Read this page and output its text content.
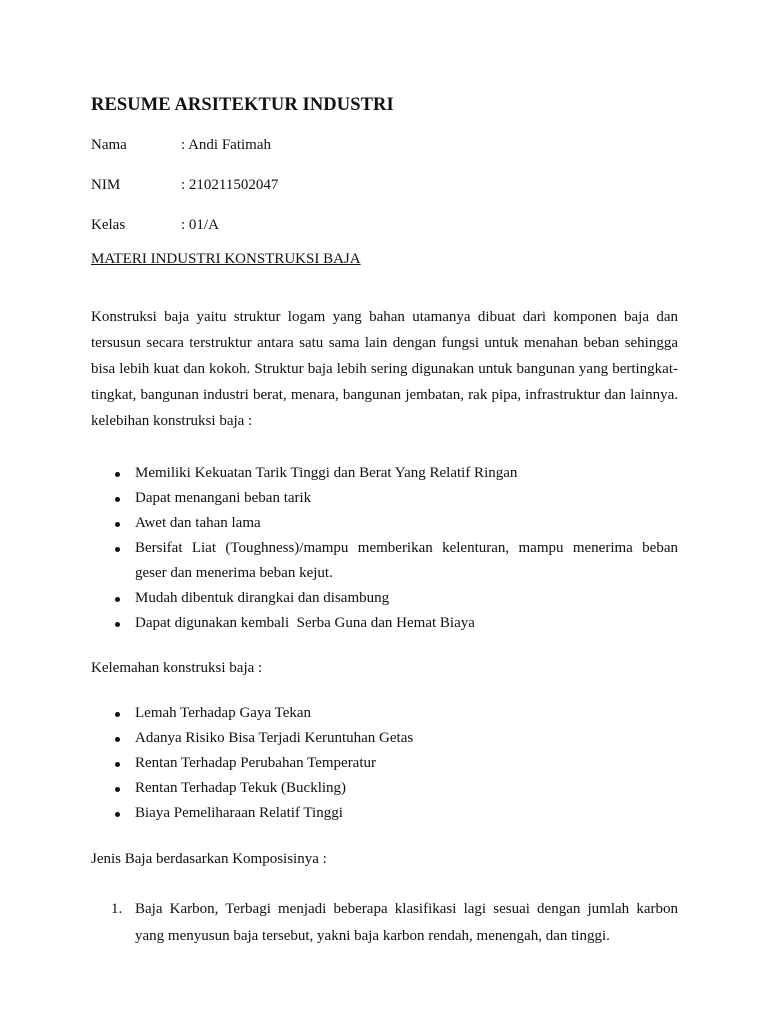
RESUME ARSITEKTUR INDUSTRI
Nama	: Andi Fatimah
NIM	: 210211502047
Kelas	: 01/A
MATERI INDUSTRI KONSTRUKSI BAJA
Konstruksi baja yaitu struktur logam yang bahan utamanya dibuat dari komponen baja dan
tersusun secara terstruktur antara satu sama lain dengan fungsi untuk menahan beban sehingga
bisa lebih kuat dan kokoh. Struktur baja lebih sering digunakan untuk bangunan yang bertingkat-
tingkat, bangunan industri berat, menara, bangunan jembatan, rak pipa, infrastruktur dan lainnya.
kelebihan konstruksi baja :
Memiliki Kekuatan Tarik Tinggi dan Berat Yang Relatif Ringan
Dapat menangani beban tarik
Awet dan tahan lama
Bersifat Liat (Toughness)/mampu memberikan kelenturan, mampu menerima beban
geser dan menerima beban kejut.
Mudah dibentuk dirangkai dan disambung
Dapat digunakan kembali  Serba Guna dan Hemat Biaya
Kelemahan konstruksi baja :
Lemah Terhadap Gaya Tekan
Adanya Risiko Bisa Terjadi Keruntuhan Getas
Rentan Terhadap Perubahan Temperatur
Rentan Terhadap Tekuk (Buckling)
Biaya Pemeliharaan Relatif Tinggi
Jenis Baja berdasarkan Komposisinya :
1. Baja Karbon, Terbagi menjadi beberapa klasifikasi lagi sesuai dengan jumlah karbon
yang menyusun baja tersebut, yakni baja karbon rendah, menengah, dan tinggi.
